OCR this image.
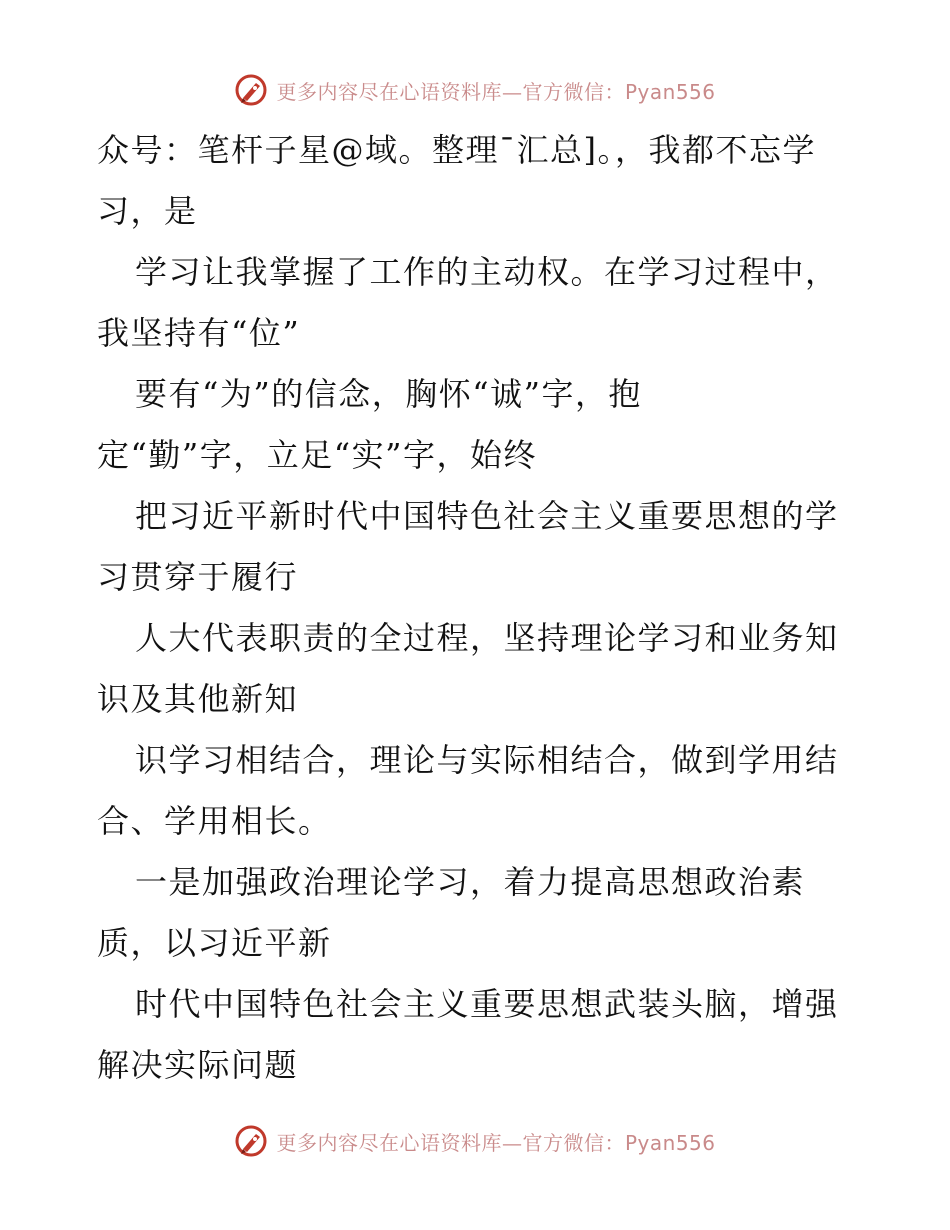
更多内容尽在心语资料库—官方微信：Pyan556
众号：笔杆子星@域。整理¯汇总]。，我都不忘学
习，是
学习让我掌握了工作的主动权。在学习过程中，
我坚持有“位”
要有“为”的信念，胸怀“诚”字，抱
定“勤”字，立足“实”字，始终
把习近平新时代中国特色社会主义重要思想的学
习贯穿于履行
人大代表职责的全过程，坚持理论学习和业务知
识及其他新知
识学习相结合，理论与实际相结合，做到学用结
合、学用相长。
一是加强政治理论学习，着力提高思想政治素
质，以习近平新
时代中国特色社会主义重要思想武装头脑，增强
解决实际问题
更多内容尽在心语资料库—官方微信：Pyan556
